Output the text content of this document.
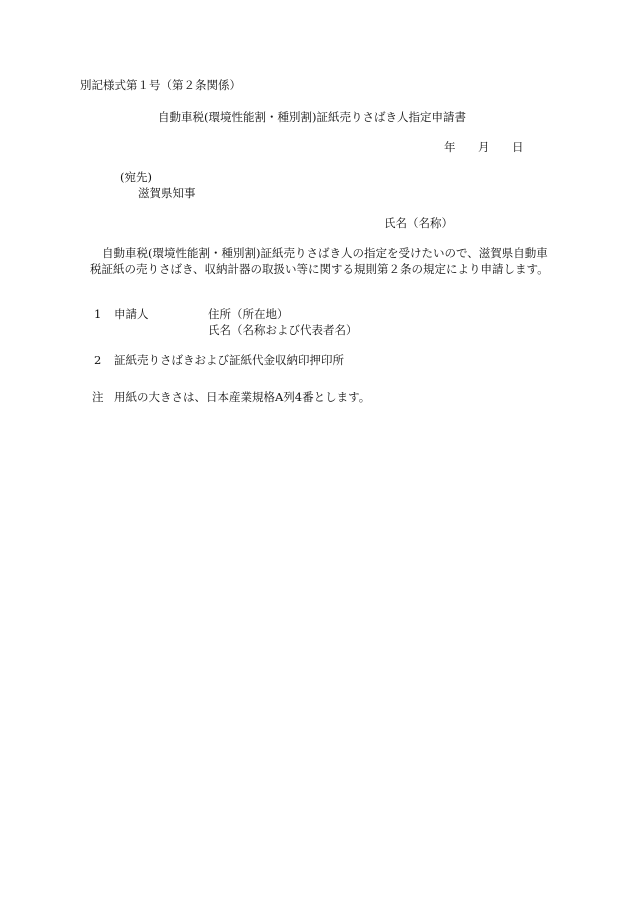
別記様式第１号（第２条関係）
自動車税(環境性能割・種別割)証紙売りさばき人指定申請書
年 月 日
(宛先)
滋賀県知事
氏名（名称）
自動車税(環境性能割・種別割)証紙売りさばき人の指定を受けたいので、滋賀県自動車税証紙の売りさばき、収納計器の取扱い等に関する規則第２条の規定により申請します。
1 申請人	住所（所在地）
氏名（名称および代表者名）
2 証紙売りさばきおよび証紙代金収納印押印所
注 用紙の大きさは、日本産業規格A列4番とします。
